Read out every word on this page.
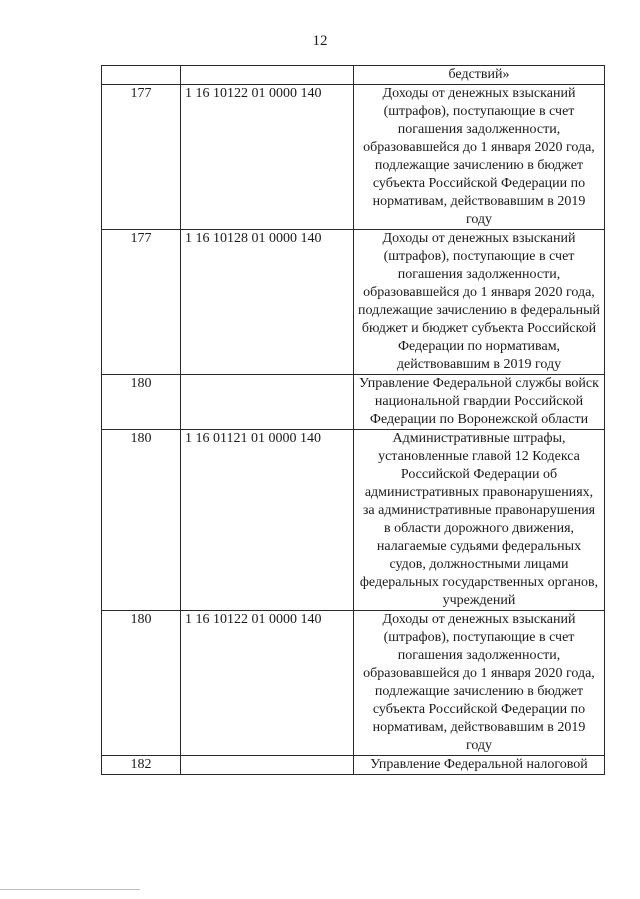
12
		бедствий»
177	1 16 10122 01 0000 140	Доходы от денежных взысканий (штрафов), поступающие в счет погашения задолженности, образовавшейся до 1 января 2020 года, подлежащие зачислению в бюджет субъекта Российской Федерации по нормативам, действовавшим в 2019 году
177	1 16 10128 01 0000 140	Доходы от денежных взысканий (штрафов), поступающие в счет погашения задолженности, образовавшейся до 1 января 2020 года, подлежащие зачислению в федеральный бюджет и бюджет субъекта Российской Федерации по нормативам, действовавшим в 2019 году
180		Управление Федеральной службы войск национальной гвардии Российской Федерации по Воронежской области
180	1 16 01121 01 0000 140	Административные штрафы, установленные главой 12 Кодекса Российской Федерации об административных правонарушениях, за административные правонарушения в области дорожного движения, налагаемые судьями федеральных судов, должностными лицами федеральных государственных органов, учреждений
180	1 16 10122 01 0000 140	Доходы от денежных взысканий (штрафов), поступающие в счет погашения задолженности, образовавшейся до 1 января 2020 года, подлежащие зачислению в бюджет субъекта Российской Федерации по нормативам, действовавшим в 2019 году
182		Управление Федеральной налоговой
